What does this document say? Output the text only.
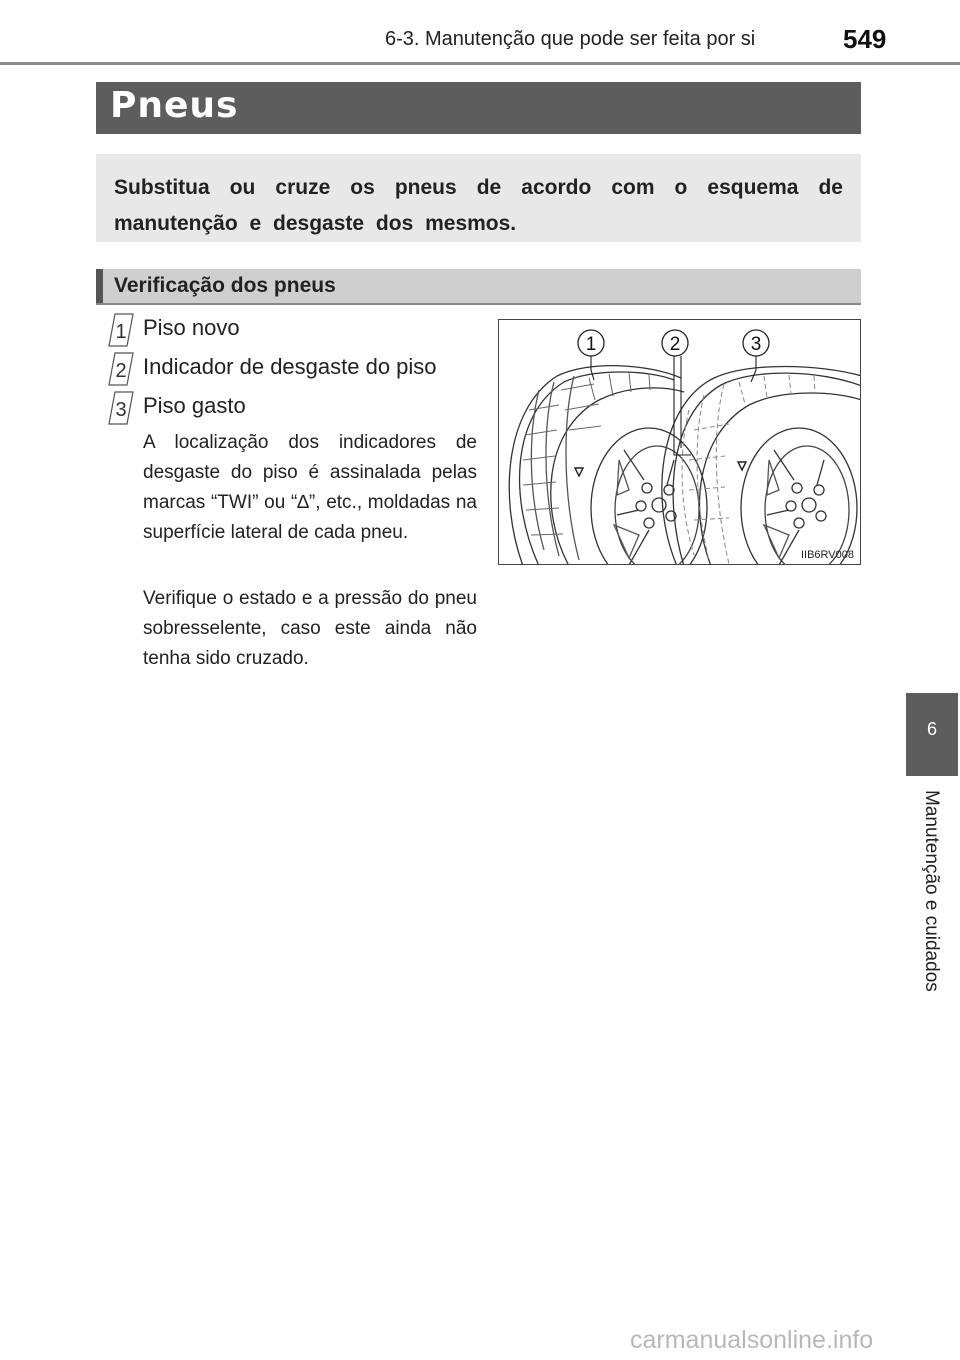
6-3. Manutenção que pode ser feita por si	549
Pneus

Substitua ou cruze os pneus de acordo com o esquema de manutenção e desgaste dos mesmos.

Verificação dos pneus
1 Piso novo
2 Indicador de desgaste do piso
3 Piso gasto

A localização dos indicadores de desgaste do piso é assinalada pelas marcas “TWI” ou “∆”, etc., moldadas na superfície lateral de cada pneu.

Verifique o estado e a pressão do pneu sobresselente, caso este ainda não tenha sido cruzado.

1	2	3
IIB6RV008
6
Manutenção e cuidados
carmanualsonline.info
